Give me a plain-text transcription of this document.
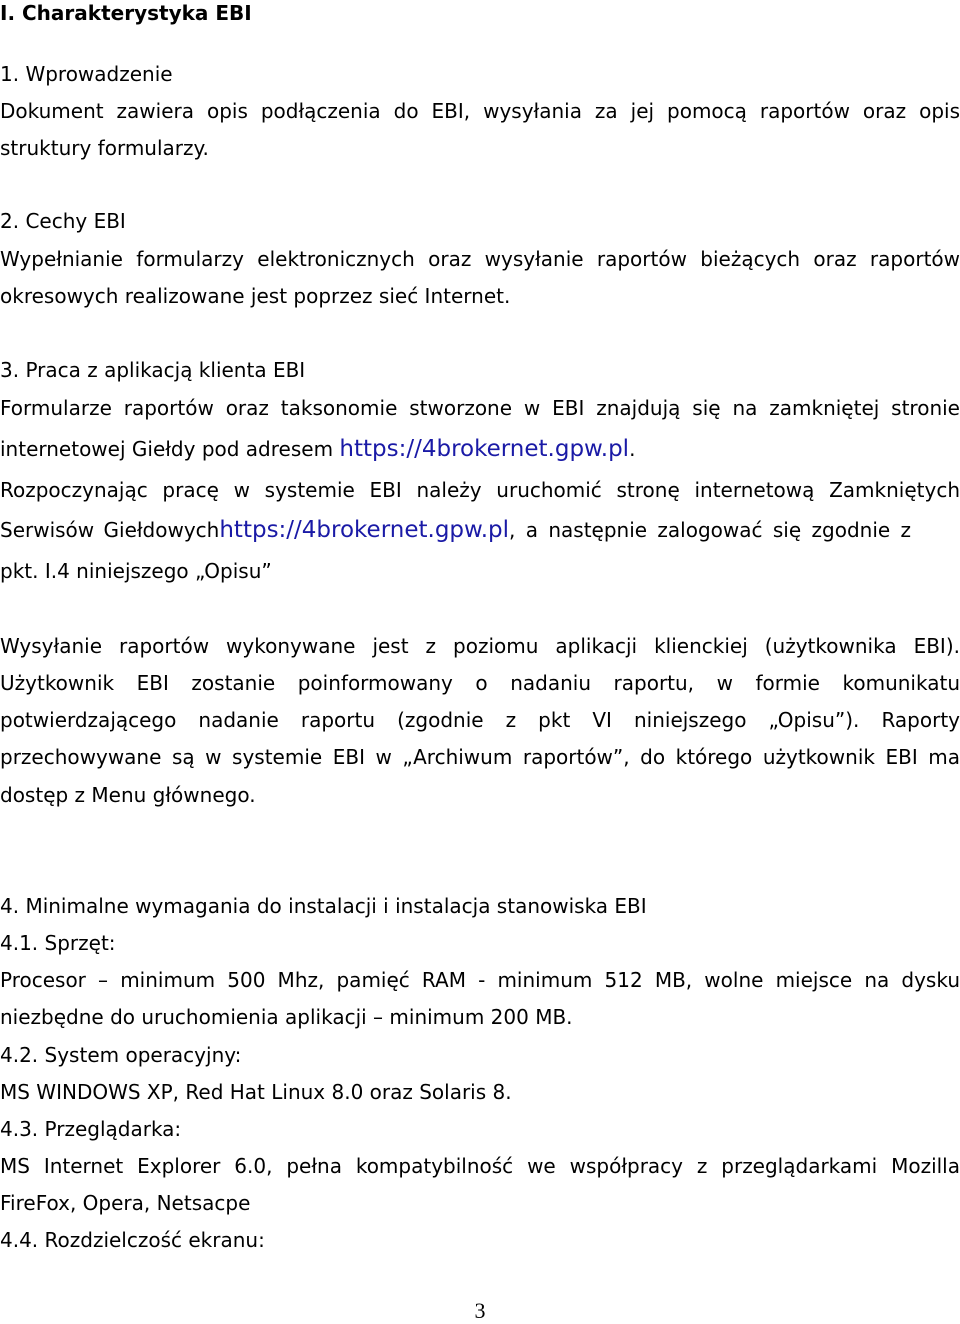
I. Charakterystyka EBI
1. Wprowadzenie
Dokument zawiera opis podłączenia do EBI, wysyłania za jej pomocą raportów oraz opis
struktury formularzy.
2. Cechy EBI
Wypełnianie formularzy elektronicznych oraz wysyłanie raportów bieżących oraz raportów
okresowych realizowane jest poprzez sieć Internet.
3. Praca z aplikacją klienta EBI
Formularze raportów oraz taksonomie stworzone w EBI znajdują się na zamkniętej stronie
internetowej Giełdy pod adresem https://4brokernet.gpw.pl.
Rozpoczynając pracę w systemie EBI należy uruchomić stronę internetową Zamkniętych
Serwisów Giełdowych https://4brokernet.gpw.pl, a następnie zalogować się zgodnie z
pkt. I.4 niniejszego „Opisu”
Wysyłanie raportów wykonywane jest z poziomu aplikacji klienckiej (użytkownika EBI).
Użytkownik EBI zostanie poinformowany o nadaniu raportu, w formie komunikatu
potwierdzającego nadanie raportu (zgodnie z pkt VI niniejszego „Opisu”). Raporty
przechowywane są w systemie EBI w „Archiwum raportów”, do którego użytkownik EBI ma
dostęp z Menu głównego.
4. Minimalne wymagania do instalacji i instalacja stanowiska EBI
4.1. Sprzęt:
Procesor – minimum 500 Mhz, pamięć RAM - minimum 512 MB, wolne miejsce na dysku
niezbędne do uruchomienia aplikacji – minimum 200 MB.
4.2. System operacyjny:
MS WINDOWS XP, Red Hat Linux 8.0 oraz Solaris 8.
4.3. Przeglądarka:
MS Internet Explorer 6.0, pełna kompatybilność we współpracy z przeglądarkami Mozilla
FireFox, Opera, Netsacpe
4.4. Rozdzielczość ekranu:
3
